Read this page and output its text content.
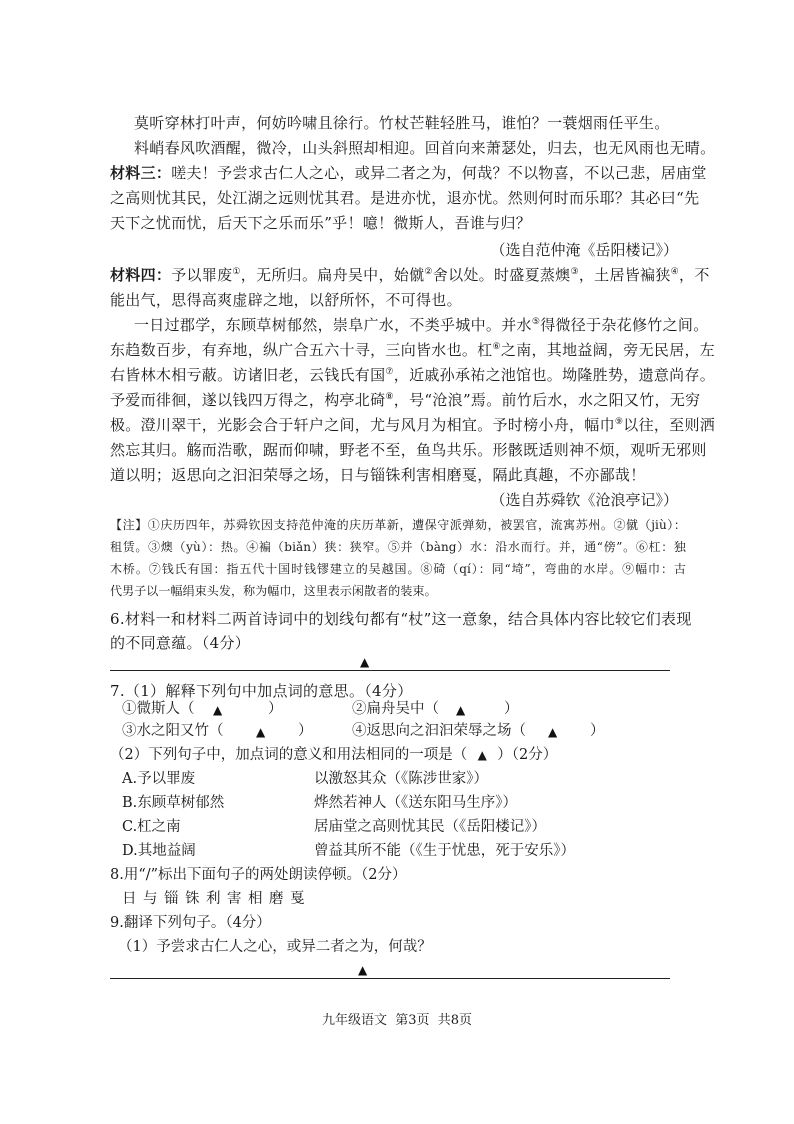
莫听穿林打叶声，何妨吟啸且徐行。竹杖芒鞋轻胜马，谁怕？一蓑烟雨任平生。
料峭春风吹酒醒，微冷，山头斜照却相迎。回首向来萧瑟处，归去，也无风雨也无晴。
材料三：嗟夫！予尝求古仁人之心，或异二者之为，何哉？不以物喜，不以己悲，居庙堂
之高则忧其民，处江湖之远则忧其君。是进亦忧，退亦忧。然则何时而乐耶？其必曰“先
天下之忧而忧，后天下之乐而乐”乎！噫！微斯人，吾谁与归？
（选自范仲淹《岳阳楼记》）
材料四：予以罪废①，无所归。扁舟吴中，始僦②舍以处。时盛夏蒸燠③，土居皆褊狭④，不
能出气，思得高爽虚辟之地，以舒所怀，不可得也。
一日过郡学，东顾草树郁然，崇阜广水，不类乎城中。并水⑤得微径于杂花修竹之间。
东趋数百步，有弃地，纵广合五六十寻，三向皆水也。杠⑥之南，其地益阔，旁无民居，左
右皆林木相亏蔽。访诸旧老，云钱氏有国⑦，近戚孙承祐之池馆也。坳隆胜势，遗意尚存。
予爱而徘徊，遂以钱四万得之，构亭北碕⑧，号“沧浪”焉。前竹后水，水之阳又竹，无穷
极。澄川翠干，光影会合于轩户之间，尤与风月为相宜。予时榜小舟，幅巾⑨以往，至则洒
然忘其归。觞而浩歌，踞而仰啸，野老不至，鱼鸟共乐。形骸既适则神不烦，观听无邪则
道以明；返思向之汩汩荣辱之场，日与锱铢利害相磨戛，隔此真趣，不亦鄙哉！
（选自苏舜钦《沧浪亭记》）
【注】①庆历四年，苏舜钦因支持范仲淹的庆历革新，遭保守派弹劾，被罢官，流寓苏州。②僦（jiù）：
租赁。③燠（yù）：热。④褊（biǎn）狭：狭窄。⑤并（bàng）水：沿水而行。并，通“傍”。⑥杠：独
木桥。⑦钱氏有国：指五代十国时钱镠建立的吴越国。⑧碕（qí）：同“埼”，弯曲的水岸。⑨幅巾：古
代男子以一幅绢束头发，称为幅巾，这里表示闲散者的装束。
6.材料一和材料二两首诗词中的划线句都有“杖”这一意象，结合具体内容比较它们表现
的不同意蕴。（4分）
▲
7.（1）解释下列句中加点词的意思。（4分）
①微斯人（ ▲	）	②扁舟吴中（ ▲	）
③水之阳又竹（	▲ ）	④返思向之汩汩荣辱之场（ ▲ ）
（2）下列句子中，加点词的意义和用法相同的一项是（ ▲ ）（2分）
A.予以罪废	以激怒其众（《陈涉世家》）
B.东顾草树郁然	烨然若神人（《送东阳马生序》）
C.杠之南	居庙堂之高则忧其民（《岳阳楼记》）
D.其地益阔	曾益其所不能（《生于忧患，死于安乐》）
8.用“/”标出下面句子的两处朗读停顿。（2分）
日 与 锱 铢 利 害 相 磨 戛
9.翻译下列句子。（4分）
（1）予尝求古仁人之心，或异二者之为，何哉？
▲
九年级语文 第3页 共8页
